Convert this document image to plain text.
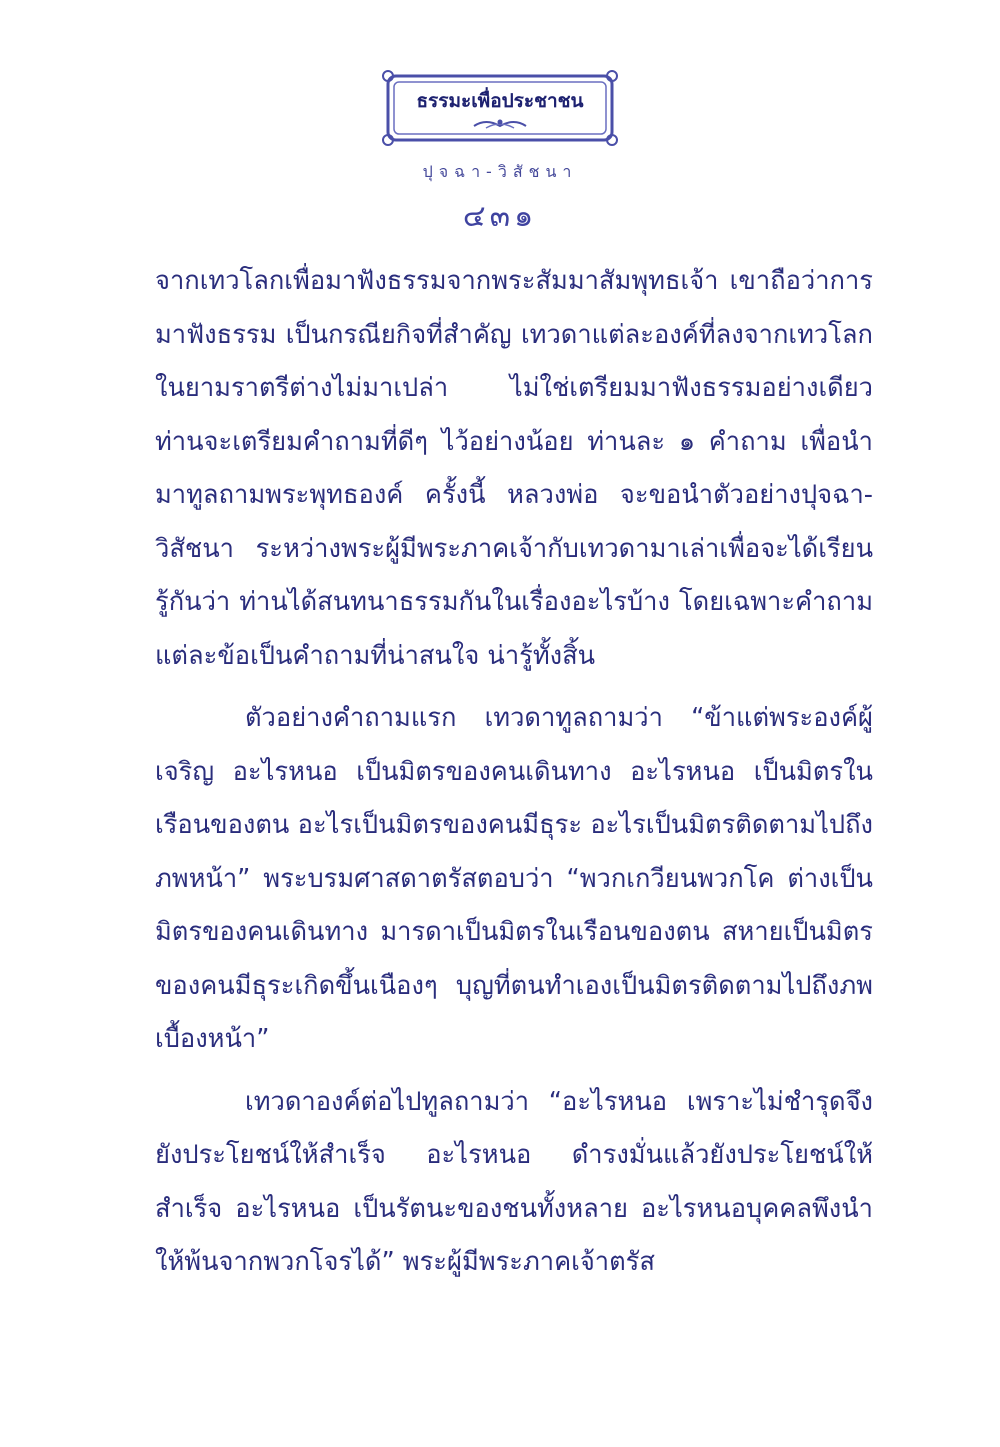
ธรรมะเพื่อประชาชน
ปุจฉา-วิสัชนา
๔๓๑

จากเทวโลกเพื่อมาฟังธรรมจากพระสัมมาสัมพุทธเจ้า เขาถือว่าการมาฟังธรรม เป็นกรณียกิจที่สำคัญ เทวดาแต่ละองค์ที่ลงจากเทวโลกในยามราตรีต่างไม่มาเปล่า ไม่ใช่เตรียมมาฟังธรรมอย่างเดียว ท่านจะเตรียมคำถามที่ดีๆ ไว้อย่างน้อย ท่านละ ๑ คำถาม เพื่อนำมาทูลถามพระพุทธองค์ ครั้งนี้ หลวงพ่อ จะขอนำตัวอย่างปุจฉา-วิสัชนา ระหว่างพระผู้มีพระภาคเจ้ากับเทวดามาเล่าเพื่อจะได้เรียนรู้กันว่า ท่านได้สนทนาธรรมกันในเรื่องอะไรบ้าง โดยเฉพาะคำถามแต่ละข้อเป็นคำถามที่น่าสนใจ น่ารู้ทั้งสิ้น

ตัวอย่างคำถามแรก เทวดาทูลถามว่า “ข้าแต่พระองค์ผู้เจริญ อะไรหนอ เป็นมิตรของคนเดินทาง อะไรหนอ เป็นมิตรในเรือนของตน อะไรเป็นมิตรของคนมีธุระ อะไรเป็นมิตรติดตามไปถึงภพหน้า” พระบรมศาสดาตรัสตอบว่า “พวกเกวียนพวกโค ต่างเป็นมิตรของคนเดินทาง มารดาเป็นมิตรในเรือนของตน สหายเป็นมิตรของคนมีธุระเกิดขึ้นเนืองๆ บุญที่ตนทำเองเป็นมิตรติดตามไปถึงภพเบื้องหน้า”

เทวดาองค์ต่อไปทูลถามว่า “อะไรหนอ เพราะไม่ชำรุดจึงยังประโยชน์ให้สำเร็จ อะไรหนอ ดำรงมั่นแล้วยังประโยชน์ให้สำเร็จ อะไรหนอ เป็นรัตนะของชนทั้งหลาย อะไรหนอบุคคลพึงนำให้พ้นจากพวกโจรได้” พระผู้มีพระภาคเจ้าตรัส
